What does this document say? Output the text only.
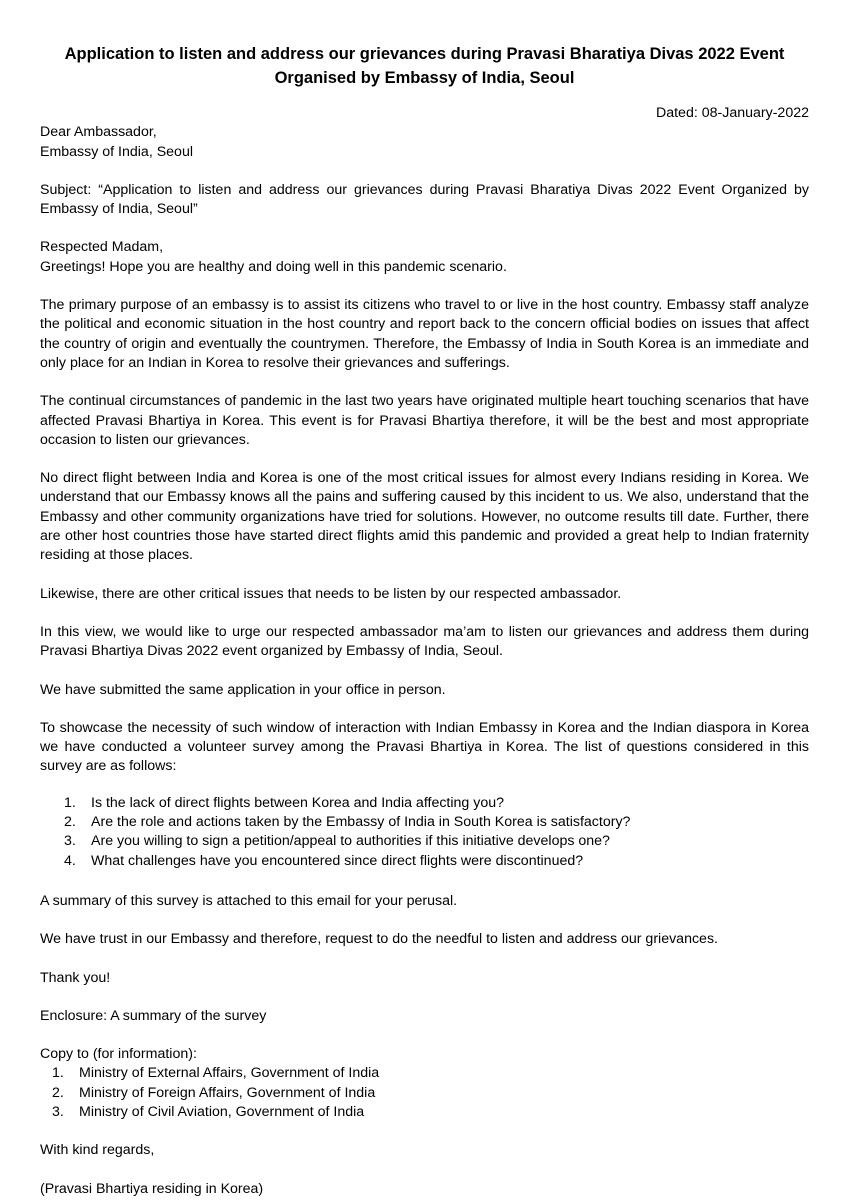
Application to listen and address our grievances during Pravasi Bharatiya Divas 2022 Event Organised by Embassy of India, Seoul

Dated: 08-January-2022

Dear Ambassador,

Embassy of India, Seoul

Subject: “Application to listen and address our grievances during Pravasi Bharatiya Divas 2022 Event Organized by Embassy of India, Seoul”

Respected Madam,

Greetings! Hope you are healthy and doing well in this pandemic scenario.

The primary purpose of an embassy is to assist its citizens who travel to or live in the host country. Embassy staff analyze the political and economic situation in the host country and report back to the concern official bodies on issues that affect the country of origin and eventually the countrymen. Therefore, the Embassy of India in South Korea is an immediate and only place for an Indian in Korea to resolve their grievances and sufferings.

The continual circumstances of pandemic in the last two years have originated multiple heart touching scenarios that have affected Pravasi Bhartiya in Korea. This event is for Pravasi Bhartiya therefore, it will be the best and most appropriate occasion to listen our grievances.

No direct flight between India and Korea is one of the most critical issues for almost every Indians residing in Korea. We understand that our Embassy knows all the pains and suffering caused by this incident to us. We also, understand that the Embassy and other community organizations have tried for solutions. However, no outcome results till date. Further, there are other host countries those have started direct flights amid this pandemic and provided a great help to Indian fraternity residing at those places.

Likewise, there are other critical issues that needs to be listen by our respected ambassador.

In this view, we would like to urge our respected ambassador ma’am to listen our grievances and address them during Pravasi Bhartiya Divas 2022 event organized by Embassy of India, Seoul.

We have submitted the same application in your office in person.

To showcase the necessity of such window of interaction with Indian Embassy in Korea and the Indian diaspora in Korea we have conducted a volunteer survey among the Pravasi Bhartiya in Korea. The list of questions considered in this survey are as follows:

1.	Is the lack of direct flights between Korea and India affecting you?
2.	Are the role and actions taken by the Embassy of India in South Korea is satisfactory?
3.	Are you willing to sign a petition/appeal to authorities if this initiative develops one?
4.	What challenges have you encountered since direct flights were discontinued?

A summary of this survey is attached to this email for your perusal.

We have trust in our Embassy and therefore, request to do the needful to listen and address our grievances.

Thank you!

Enclosure: A summary of the survey

Copy to (for information):

1.	Ministry of External Affairs, Government of India
2.	Ministry of Foreign Affairs, Government of India
3.	Ministry of Civil Aviation, Government of India

With kind regards,

(Pravasi Bhartiya residing in Korea)
